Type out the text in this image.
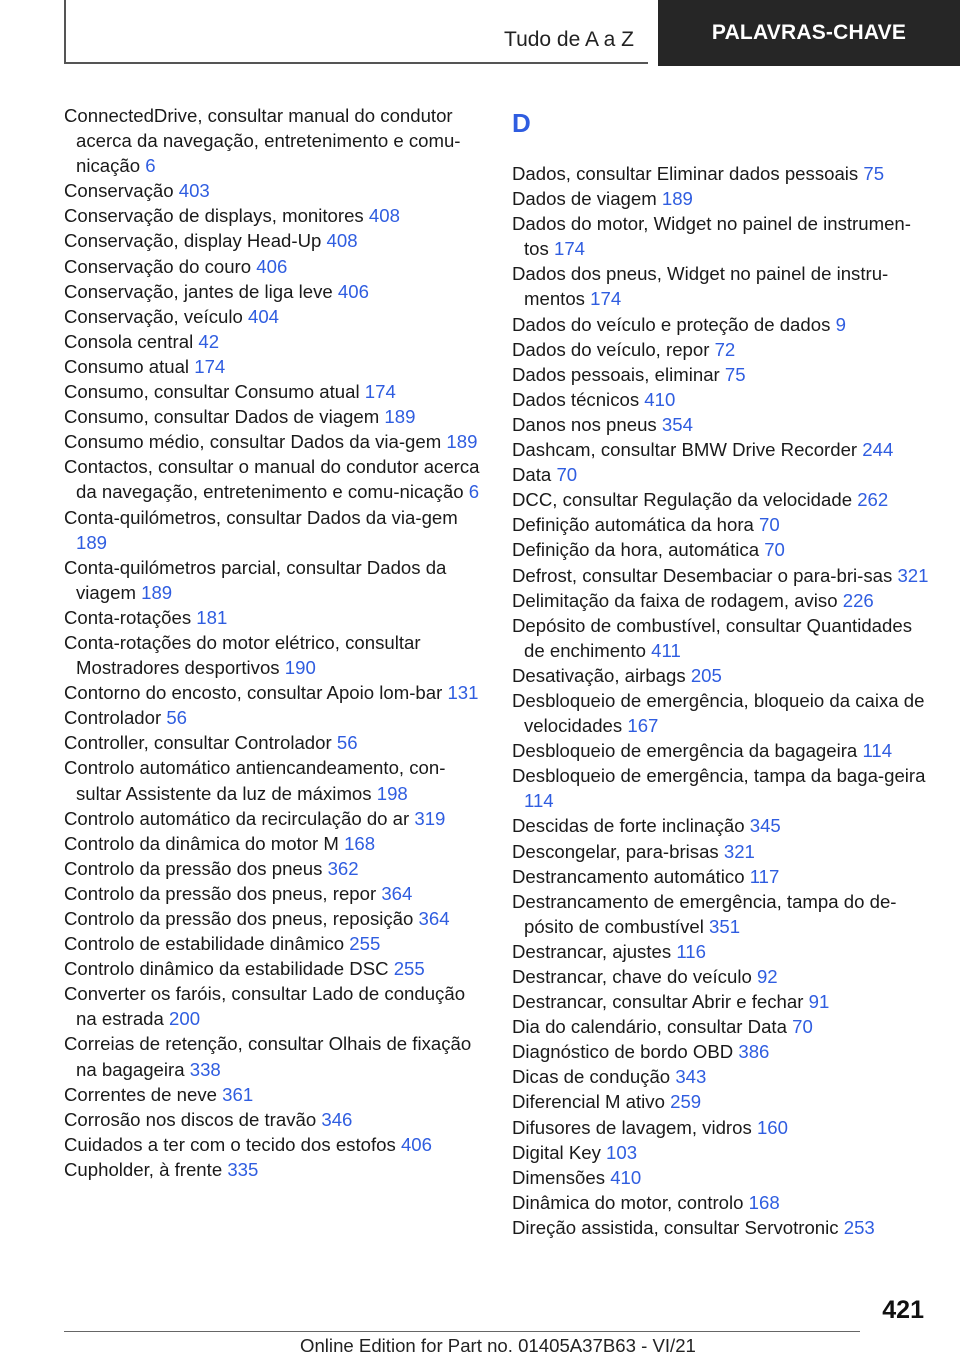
Tudo de A a Z	PALAVRAS-CHAVE
ConnectedDrive, consultar manual do condutor acerca da navegação, entretenimento e comu-nicação 6
Conservação 403
Conservação de displays, monitores 408
Conservação, display Head-Up 408
Conservação do couro 406
Conservação, jantes de liga leve 406
Conservação, veículo 404
Consola central 42
Consumo atual 174
Consumo, consultar Consumo atual 174
Consumo, consultar Dados de viagem 189
Consumo médio, consultar Dados da via-gem 189
Contactos, consultar o manual do condutor acerca da navegação, entretenimento e comu-nicação 6
Conta-quilómetros, consultar Dados da via-gem 189
Conta-quilómetros parcial, consultar Dados da viagem 189
Conta-rotações 181
Conta-rotações do motor elétrico, consultar Mostradores desportivos 190
Contorno do encosto, consultar Apoio lom-bar 131
Controlador 56
Controller, consultar Controlador 56
Controlo automático antiencandeamento, con-sultar Assistente da luz de máximos 198
Controlo automático da recirculação do ar 319
Controlo da dinâmica do motor M 168
Controlo da pressão dos pneus 362
Controlo da pressão dos pneus, repor 364
Controlo da pressão dos pneus, reposição 364
Controlo de estabilidade dinâmico 255
Controlo dinâmico da estabilidade DSC 255
Converter os faróis, consultar Lado de condução na estrada 200
Correias de retenção, consultar Olhais de fixação na bagageira 338
Correntes de neve 361
Corrosão nos discos de travão 346
Cuidados a ter com o tecido dos estofos 406
Cupholder, à frente 335
D
Dados, consultar Eliminar dados pessoais 75
Dados de viagem 189
Dados do motor, Widget no painel de instrumen-tos 174
Dados dos pneus, Widget no painel de instru-mentos 174
Dados do veículo e proteção de dados 9
Dados do veículo, repor 72
Dados pessoais, eliminar 75
Dados técnicos 410
Danos nos pneus 354
Dashcam, consultar BMW Drive Recorder 244
Data 70
DCC, consultar Regulação da velocidade 262
Definição automática da hora 70
Definição da hora, automática 70
Defrost, consultar Desembaciar o para-bri-sas 321
Delimitação da faixa de rodagem, aviso 226
Depósito de combustível, consultar Quantidades de enchimento 411
Desativação, airbags 205
Desbloqueio de emergência, bloqueio da caixa de velocidades 167
Desbloqueio de emergência da bagageira 114
Desbloqueio de emergência, tampa da baga-geira 114
Descidas de forte inclinação 345
Descongelar, para-brisas 321
Destrancamento automático 117
Destrancamento de emergência, tampa do de-pósito de combustível 351
Destrancar, ajustes 116
Destrancar, chave do veículo 92
Destrancar, consultar Abrir e fechar 91
Dia do calendário, consultar Data 70
Diagnóstico de bordo OBD 386
Dicas de condução 343
Diferencial M ativo 259
Difusores de lavagem, vidros 160
Digital Key 103
Dimensões 410
Dinâmica do motor, controlo 168
Direção assistida, consultar Servotronic 253
421
Online Edition for Part no. 01405A37B63 - VI/21
